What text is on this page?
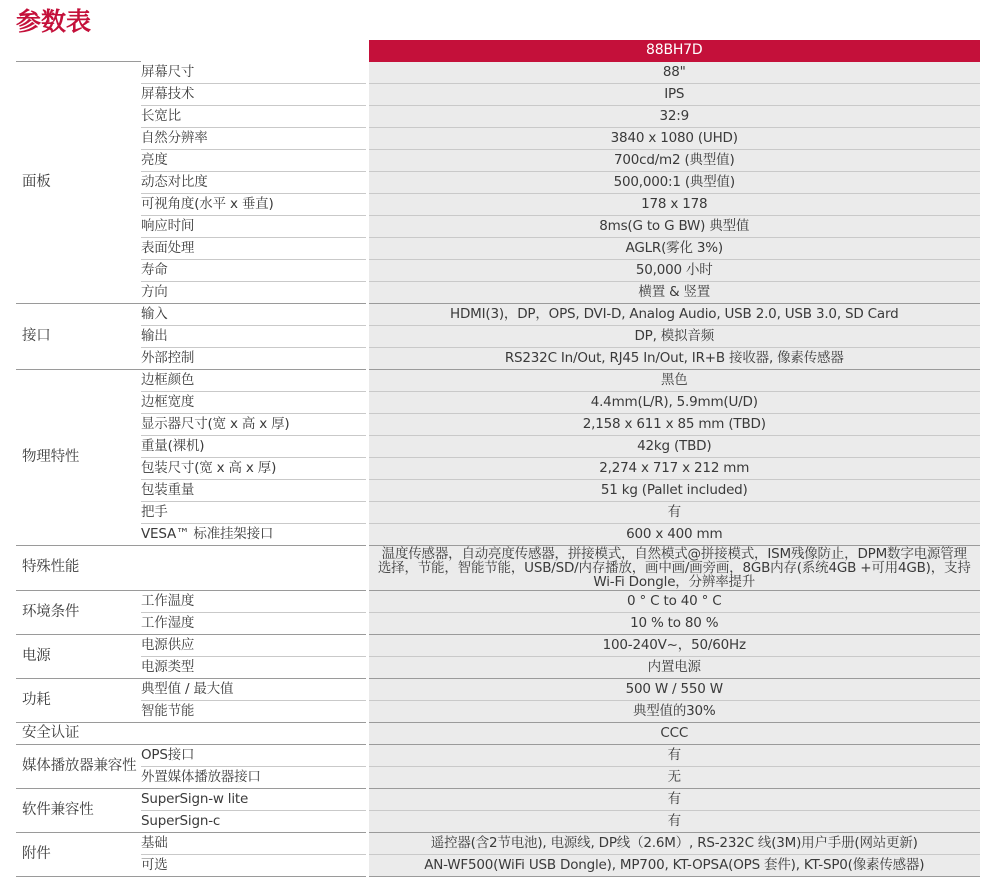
参数表
		88BH7D
面板	屏幕尺寸	88"
	屏幕技术	IPS
	长宽比	32:9
	自然分辨率	3840 x 1080 (UHD)
	亮度	700cd/m2 (典型值)
	动态对比度	500,000:1 (典型值)
	可视角度(水平 x 垂直)	178 x 178
	响应时间	8ms(G to G BW) 典型值
	表面处理	AGLR(雾化 3%)
	寿命	50,000 小时
	方向	横置 & 竖置
接口	输入	HDMI(3)，DP，OPS, DVI-D, Analog Audio, USB 2.0, USB 3.0, SD Card
	输出	DP, 模拟音频
	外部控制	RS232C In/Out, RJ45 In/Out, IR+B 接收器, 像素传感器
物理特性	边框颜色	黑色
	边框宽度	4.4mm(L/R), 5.9mm(U/D)
	显示器尺寸(宽 x 高 x 厚)	2,158 x 611 x 85 mm (TBD)
	重量(裸机)	42kg (TBD)
	包装尺寸(宽 x 高 x 厚)	2,274 x 717 x 212 mm
	包装重量	51 kg (Pallet included)
	把手	有
	VESA™ 标准挂架接口	600 x 400 mm
特殊性能		温度传感器，自动亮度传感器，拼接模式，自然模式@拼接模式，ISM残像防止，DPM数字电源管理选择，节能，智能节能，USB/SD/内存播放，画中画/画旁画，8GB内存(系统4GB +可用4GB)，支持Wi-Fi Dongle，分辨率提升
环境条件	工作温度	0 ° C to 40 ° C
	工作湿度	10 % to 80 %
电源	电源供应	100-240V~，50/60Hz
	电源类型	内置电源
功耗	典型值 / 最大值	500 W / 550 W
	智能节能	典型值的30%
安全认证		CCC
媒体播放器兼容性	OPS接口	有
	外置媒体播放器接口	无
软件兼容性	SuperSign-w lite	有
	SuperSign-c	有
附件	基础	遥控器(含2节电池), 电源线, DP线（2.6M）, RS-232C 线(3M)用户手册(网站更新)
	可选	AN-WF500(WiFi USB Dongle), MP700, KT-OPSA(OPS 套件), KT-SP0(像素传感器)
